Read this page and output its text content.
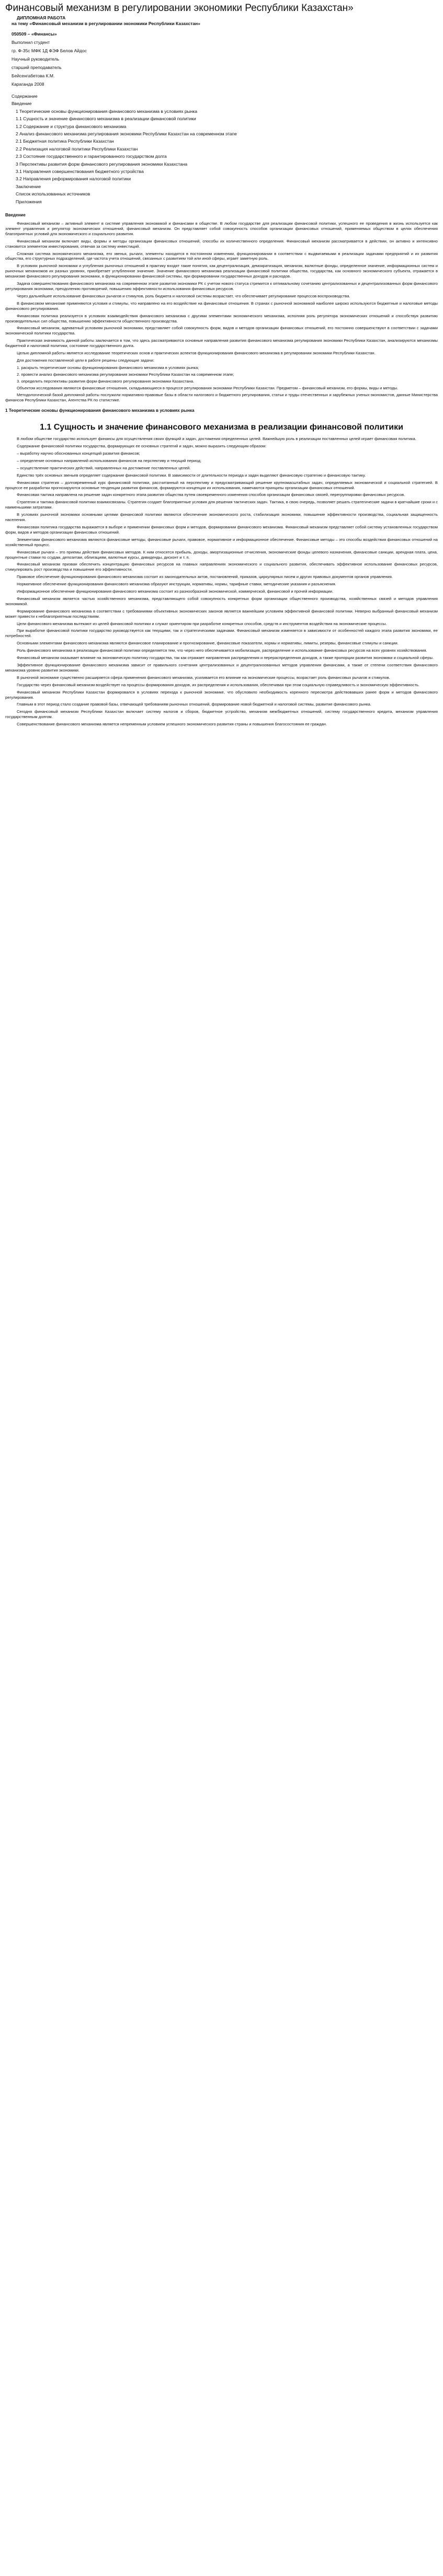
Финансовый механизм в регулировании экономики Республики Казахстан»
ДИПЛОМНАЯ РАБОТА
на тему «Финансовый механизм в регулировании экономики Республики Казахстан»
050509 – «Финансы»
Выполнил студент
гр. Ф-35с МФК 1Д ФЭФ Белов Айдос
Научный руководитель
старший преподаватель
Бейсенгабетова К.М.
Караганда 2008
Содержание
Введение
1 Теоретические основы функционирования финансового механизма в условиях рынка
1.1 Сущность и значение финансового механизма в реализации финансовой политики
1.2 Содержание и структура финансового механизма
2 Анализ финансового механизма регулирования экономики Республики Казахстан на современном этапе
2.1 Бюджетная политика Республики Казахстан
2.2 Реализация налоговой политики Республики Казахстан
2.3 Состояние государственного и гарантированного государством долга
3 Перспективы развития форм финансового регулирования экономики Казахстана
3.1 Направления совершенствования бюджетного устройства
3.2 Направления реформирования налоговой политики
Заключение
Список использованных источников
Приложения
Введение

Финансовый механизм – активный элемент в системе управления экономикой и финансами в обществе. В любом государстве для реализации финансовой политики, успешного ее проведения в жизнь используется как элемент управления и регулятор экономических отношений, финансовый механизм. Он представляет собой совокупность способов организации финансовых отношений, применяемых обществом в целях обеспечения благоприятных условий для экономического и социального развития.

Финансовый механизм включает виды, формы и методы организации финансовых отношений, способы их количественного определения. Финансовый механизм рассматривается в действии, он активно и интенсивно становится элементом инвестирования, отвечая за систему инвестиций.

Сложная система экономического механизма, его звенья, рычаги, элементы находятся в постоянном изменении, функционировании в соответствии с выдвигаемыми в реализации задачами предприятий и их развития общества, его структурных подразделений, где частота учета отношений, связанных с развитием той или иной сферы, играет заметную роль.

В условиях рыночной экономики и углубления рыночных отношений в практику входят такие понятия, как децентрализация, демократизация, механизм, валютные фонды, определенное значение, информационных систем и рыночных механизмов их разных уровнях, приобретает углубленное значение. Значение финансового механизма реализации финансовой политики общества, государства, как основного экономического субъекта, отражается в механизме финансового регулирования экономики, в функционировании финансовой системы, при формировании государственных доходов и расходов.

Задача совершенствования финансового механизма на современном этапе развития экономики РК с учетом нового статуса стремится к оптимальному сочетанию централизованных и децентрализованных форм финансового регулирования экономики, преодолению противоречий, повышению эффективности использования финансовых ресурсов.

Через дальнейшее использование финансовых рычагов и стимулов, роль бюджета и налоговой системы возрастает, что обеспечивает регулирование процессов воспроизводства.

В финансовом механизме применяются условия и стимулы, что направлено на его воздействие на финансовые отношения. В странах с рыночной экономикой наиболее широко используются бюджетные и налоговые методы финансового регулирования.

Финансовая политика реализуется в условиях взаимодействия финансового механизма с другими элементами экономического механизма, исполняя роль регулятора экономических отношений и способствуя развитию производительных сил общества, повышению эффективности общественного производства.

Финансовый механизм, адекватный условиям рыночной экономики, представляет собой совокупность форм, видов и методов организации финансовых отношений, его постоянно совершенствуют в соответствии с задачами экономической политики государства.

Практическая значимость данной работы заключается в том, что здесь рассматриваются основные направления развития финансового механизма регулирования экономики Республики Казахстан, анализируются механизмы бюджетной и налоговой политики, состояние государственного долга.

Целью дипломной работы является исследование теоретических основ и практических аспектов функционирования финансового механизма в регулировании экономики Республики Казахстан.

Для достижения поставленной цели в работе решены следующие задачи:

1. раскрыть теоретические основы функционирования финансового механизма в условиях рынка;

2. провести анализ финансового механизма регулирования экономики Республики Казахстан на современном этапе;

3. определить перспективы развития форм финансового регулирования экономики Казахстана.

Объектом исследования являются финансовые отношения, складывающиеся в процессе регулирования экономики Республики Казахстан. Предметом – финансовый механизм, его формы, виды и методы.

Методологической базой дипломной работы послужили нормативно-правовые базы в области налогового и бюджетного регулирования, статьи и труды отечественных и зарубежных ученых-экономистов, данные Министерства финансов Республики Казахстан, Агентства РК по статистике.

1 Теоретические основы функционирования финансового механизма в условиях рынка
1.1 Сущность и значение финансового механизма в реализации финансовой политики

В любом обществе государство использует финансы для осуществления своих функций и задач, достижения определенных целей. Важнейшую роль в реализации поставленных целей играет финансовая политика.

Содержание финансовой политики государства, формирующих ее основных стратегий и задач, можно выразить следующим образом:

– выработку научно обоснованных концепций развития финансов;

– определение основных направлений использования финансов на перспективу и текущий период;

– осуществление практических действий, направленных на достижение поставленных целей.

Единство трёх основных звеньев определяет содержание финансовой политики. В зависимости от длительности периода и задач выделяют финансовую стратегию и финансовую тактику.

Финансовая стратегия – долговременный курс финансовой политики, рассчитанный на перспективу и предусматривающий решение крупномасштабных задач, определяемых экономической и социальной стратегией. В процессе ее разработки прогнозируются основные тенденции развития финансов, формируются концепции их использования, намечаются принципы организации финансовых отношений.

Финансовая тактика направлена на решение задач конкретного этапа развития общества путем своевременного изменения способов организации финансовых связей, перегруппировки финансовых ресурсов.

Стратегия и тактика финансовой политики взаимосвязаны. Стратегия создает благоприятные условия для решения тактических задач. Тактика, в свою очередь, позволяет решать стратегические задачи в кратчайшие сроки и с наименьшими затратами.

В условиях рыночной экономики основными целями финансовой политики являются обеспечение экономического роста, стабилизация экономики, повышение эффективности производства, социальная защищенность населения.

Финансовая политика государства выражается в выборе и применении финансовых форм и методов, формировании финансового механизма. Финансовый механизм представляет собой систему установленных государством форм, видов и методов организации финансовых отношений.

Элементами финансового механизма являются финансовые методы, финансовые рычаги, правовое, нормативное и информационное обеспечение. Финансовые методы – это способы воздействия финансовых отношений на хозяйственный процесс.

Финансовые рычаги – это приемы действия финансовых методов. К ним относятся прибыль, доходы, амортизационные отчисления, экономические фонды целевого назначения, финансовые санкции, арендная плата, цена, процентные ставки по ссудам, депозитам, облигациям, валютные курсы, дивиденды, дисконт и т. п.

Финансовый механизм призван обеспечить концентрацию финансовых ресурсов на главных направлениях экономического и социального развития, обеспечивать эффективное использование финансовых ресурсов, стимулировать рост производства и повышение его эффективности.

Правовое обеспечение функционирования финансового механизма состоит из законодательных актов, постановлений, приказов, циркулярных писем и других правовых документов органов управления.

Нормативное обеспечение функционирования финансового механизма образуют инструкции, нормативы, нормы, тарифные ставки, методические указания и разъяснения.

Информационное обеспечение функционирования финансового механизма состоит из разнообразной экономической, коммерческой, финансовой и прочей информации.

Финансовый механизм является частью хозяйственного механизма, представляющего собой совокупность конкретных форм организации общественного производства, хозяйственных связей и методов управления экономикой.

Формирование финансового механизма в соответствии с требованиями объективных экономических законов является важнейшим условием эффективной финансовой политики. Неверно выбранный финансовый механизм может привести к неблагоприятным последствиям.

Цели финансового механизма вытекают из целей финансовой политики и служат ориентиром при разработке конкретных способов, средств и инструментов воздействия на экономические процессы.

При выработке финансовой политики государство руководствуется как текущими, так и стратегическими задачами. Финансовый механизм изменяется в зависимости от особенностей каждого этапа развития экономики, ее потребностей.

Основными элементами финансового механизма являются финансовое планирование и прогнозирование, финансовые показатели, нормы и нормативы, лимиты, резервы, финансовые стимулы и санкции.

Роль финансового механизма в реализации финансовой политики определяется тем, что через него обеспечивается мобилизация, распределение и использование финансовых ресурсов на всех уровнях хозяйствования.

Финансовый механизм оказывает влияние на экономическую политику государства, так как отражает направления распределения и перераспределения доходов, а также пропорции развития экономики и социальной сферы.

Эффективное функционирование финансового механизма зависит от правильного сочетания централизованных и децентрализованных методов управления финансами, а также от степени соответствия финансового механизма уровню развития экономики.

В рыночной экономике существенно расширяется сфера применения финансового механизма, усиливается его влияние на экономические процессы, возрастает роль финансовых рычагов и стимулов.

Государство через финансовый механизм воздействует на процессы формирования доходов, их распределения и использования, обеспечивая при этом социальную справедливость и экономическую эффективность.

Финансовый механизм Республики Казахстан формировался в условиях перехода к рыночной экономике, что обусловило необходимость коренного пересмотра действовавших ранее форм и методов финансового регулирования.

Главным в этот период стало создание правовой базы, отвечающей требованиям рыночных отношений, формирование новой бюджетной и налоговой системы, развитие финансового рынка.

Сегодня финансовый механизм Республики Казахстан включает систему налогов и сборов, бюджетное устройство, механизм межбюджетных отношений, систему государственного кредита, механизм управления государственным долгом.

Совершенствование финансового механизма является непременным условием успешного экономического развития страны и повышения благосостояния ее граждан.
